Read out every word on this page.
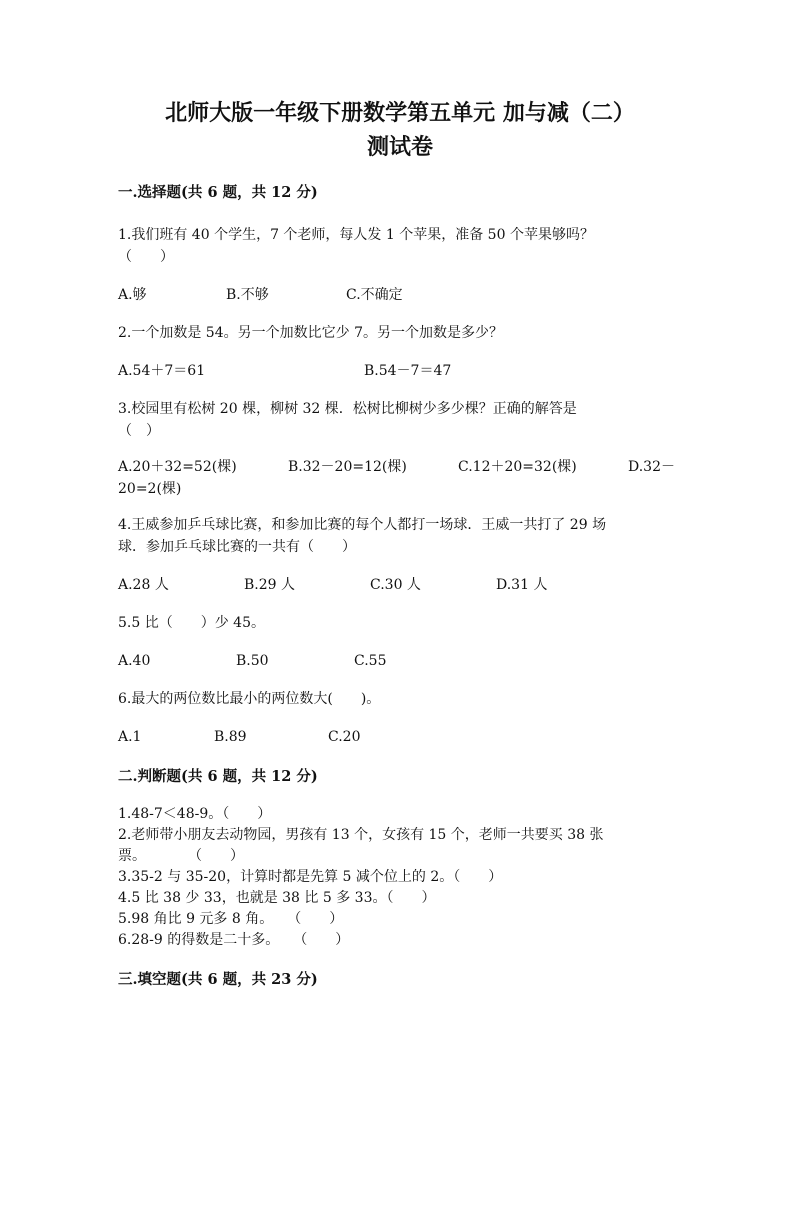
北师大版一年级下册数学第五单元 加与减（二）
测试卷
一.选择题(共 6 题，共 12 分)
1.我们班有 40 个学生，7 个老师，每人发 1 个苹果，准备 50 个苹果够吗？
（　　）
A.够	B.不够	C.不确定
2.一个加数是 54。另一个加数比它少 7。另一个加数是多少？
A.54＋7＝61	B.54－7＝47
3.校园里有松树 20 棵，柳树 32 棵．松树比柳树少多少棵？正确的解答是
（　）
A.20＋32=52(棵)	B.32－20=12(棵)	C.12＋20=32(棵)	D.32－
20=2(棵)
4.王威参加乒乓球比赛，和参加比赛的每个人都打一场球．王威一共打了 29 场
球．参加乒乓球比赛的一共有（　　）
A.28 人	B.29 人	C.30 人	D.31 人
5.5 比（　　）少 45。
A.40	B.50	C.55
6.最大的两位数比最小的两位数大(　　)。
A.1	B.89	C.20
二.判断题(共 6 题，共 12 分)
1.48-7＜48-9。（　　）
2.老师带小朋友去动物园，男孩有 13 个，女孩有 15 个，老师一共要买 38 张
票。　　　　（　　）
3.35-2 与 35-20，计算时都是先算 5 减个位上的 2。（　　）
4.5 比 38 少 33，也就是 38 比 5 多 33。（　　）
5.98 角比 9 元多 8 角。　　（　　）
6.28-9 的得数是二十多。　　（　　）
三.填空题(共 6 题，共 23 分)
